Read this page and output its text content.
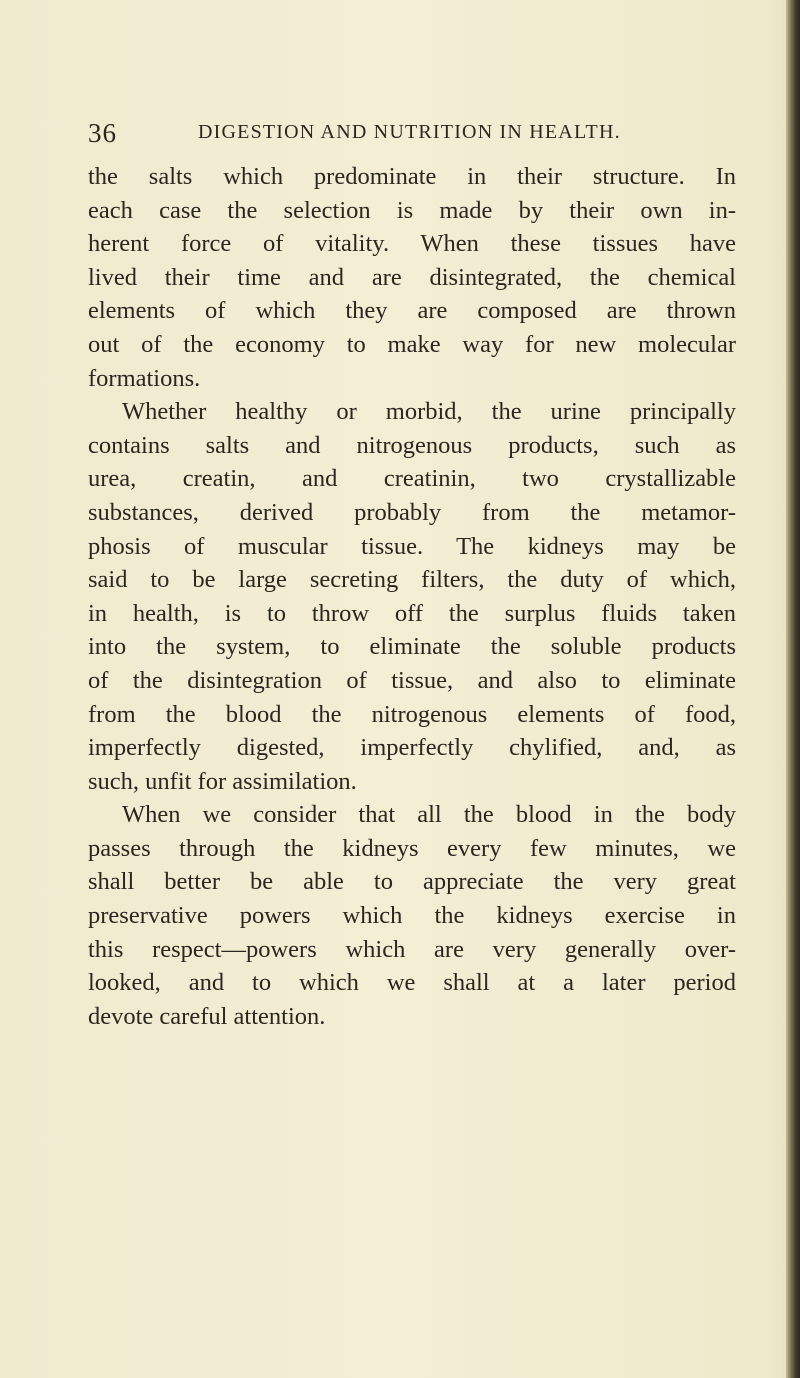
36	DIGESTION AND NUTRITION IN HEALTH.
the salts which predominate in their structure. In
each case the selection is made by their own in-
herent force of vitality. When these tissues have
lived their time and are disintegrated, the chemical
elements of which they are composed are thrown
out of the economy to make way for new molecular
formations.
Whether healthy or morbid, the urine principally
contains salts and nitrogenous products, such as
urea, creatin, and creatinin, two crystallizable
substances, derived probably from the metamor-
phosis of muscular tissue. The kidneys may be
said to be large secreting filters, the duty of which,
in health, is to throw off the surplus fluids taken
into the system, to eliminate the soluble products
of the disintegration of tissue, and also to eliminate
from the blood the nitrogenous elements of food,
imperfectly digested, imperfectly chylified, and, as
such, unfit for assimilation.
When we consider that all the blood in the body
passes through the kidneys every few minutes, we
shall better be able to appreciate the very great
preservative powers which the kidneys exercise in
this respect—powers which are very generally over-
looked, and to which we shall at a later period
devote careful attention.
